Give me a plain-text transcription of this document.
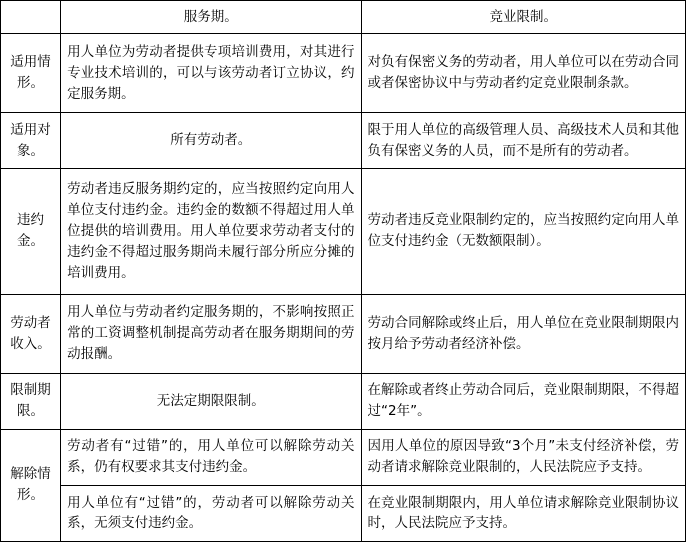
	服务期。	竞业限制。
适用情形。	用人单位为劳动者提供专项培训费用，对其进行专业技术培训的，可以与该劳动者订立协议，约定服务期。	对负有保密义务的劳动者，用人单位可以在劳动合同或者保密协议中与劳动者约定竞业限制条款。
适用对象。	所有劳动者。	限于用人单位的高级管理人员、高级技术人员和其他负有保密义务的人员，而不是所有的劳动者。
违约金。	劳动者违反服务期约定的，应当按照约定向用人单位支付违约金。违约金的数额不得超过用人单位提供的培训费用。用人单位要求劳动者支付的违约金不得超过服务期尚未履行部分所应分摊的培训费用。	劳动者违反竞业限制约定的，应当按照约定向用人单位支付违约金（无数额限制）。
劳动者收入。	用人单位与劳动者约定服务期的，不影响按照正常的工资调整机制提高劳动者在服务期期间的劳动报酬。	劳动合同解除或终止后，用人单位在竞业限制期限内按月给予劳动者经济补偿。
限制期限。	无法定期限限制。	在解除或者终止劳动合同后，竞业限制期限，不得超过“2年”。
解除情形。	劳动者有“过错”的，用人单位可以解除劳动关系，仍有权要求其支付违约金。	因用人单位的原因导致“3个月”未支付经济补偿，劳动者请求解除竞业限制的，人民法院应予支持。
	用人单位有“过错”的，劳动者可以解除劳动关系，无须支付违约金。	在竞业限制期限内，用人单位请求解除竞业限制协议时，人民法院应予支持。
